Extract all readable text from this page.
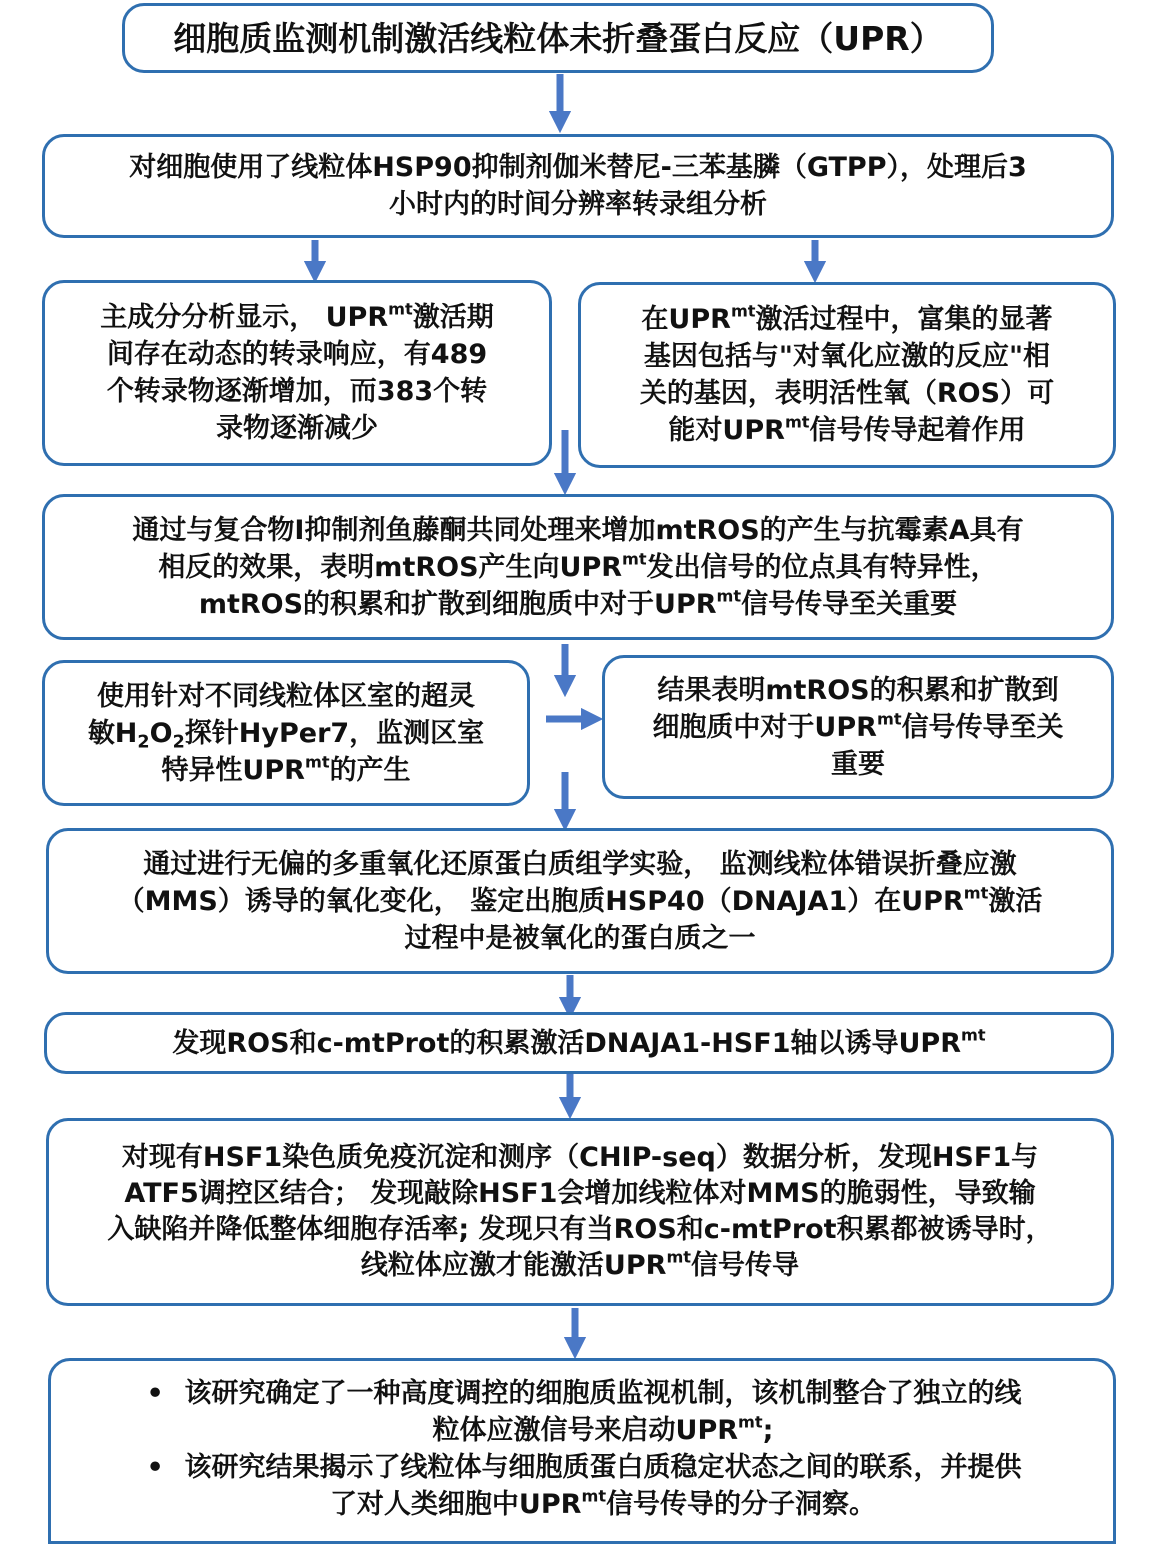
细胞质监测机制激活线粒体未折叠蛋白反应（UPR）
对细胞使用了线粒体HSP90抑制剂伽米替尼-三苯基膦（GTPP），处理后3
小时内的时间分辨率转录组分析
主成分分析显示， $UPR^{mt}$激活期
间存在动态的转录响应，有489
个转录物逐渐增加，而383个转
录物逐渐减少
在$UPR^{mt}$激活过程中，富集的显著
基因包括与"对氧化应激的反应"相
关的基因，表明活性氧（ROS）可
能对$UPR^{mt}$信号传导起着作用
通过与复合物I抑制剂鱼藤酮共同处理来增加mtROS的产生与抗霉素A具有
相反的效果，表明mtROS产生向$UPR^{mt}$发出信号的位点具有特异性，
mtROS的积累和扩散到细胞质中对于$UPR^{mt}$信号传导至关重要
使用针对不同线粒体区室的超灵
敏$H_2O_2$探针HyPer7，监测区室
特异性$UPR^{mt}$的产生
结果表明mtROS的积累和扩散到
细胞质中对于$UPR^{mt}$信号传导至关
重要
通过进行无偏的多重氧化还原蛋白质组学实验， 监测线粒体错误折叠应激
（MMS）诱导的氧化变化， 鉴定出胞质HSP40（DNAJA1）在$UPR^{mt}$激活
过程中是被氧化的蛋白质之一
发现ROS和c-mtProt的积累激活DNAJA1-HSF1轴以诱导$UPR^{mt}$
对现有HSF1染色质免疫沉淀和测序（CHIP-seq）数据分析，发现HSF1与
ATF5调控区结合； 发现敲除HSF1会增加线粒体对MMS的脆弱性，导致输
入缺陷并降低整体细胞存活率; 发现只有当ROS和c-mtProt积累都被诱导时，
线粒体应激才能激活$UPR^{mt}$信号传导
• 该研究确定了一种高度调控的细胞质监视机制，该机制整合了独立的线
粒体应激信号来启动$UPR^{mt}$;
• 该研究结果揭示了线粒体与细胞质蛋白质稳定状态之间的联系，并提供
了对人类细胞中$UPR^{mt}$信号传导的分子洞察。
